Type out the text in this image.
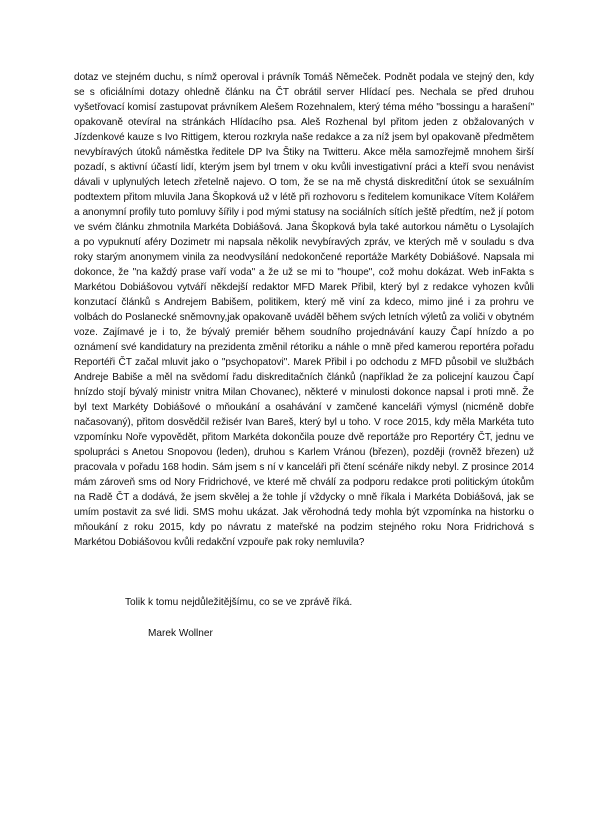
dotaz ve stejném duchu, s nímž operoval i právník Tomáš Němeček. Podnět podala ve stejný den, kdy se s oficiálními dotazy ohledně článku na ČT obrátil server Hlídací pes. Nechala se před druhou vyšetřovací komisí zastupovat právníkem Alešem Rozehnalem, který téma mého "bossingu a harašení" opakovaně otevíral na stránkách Hlídacího psa. Aleš Rozhenal byl přitom jeden z obžalovaných v Jízdenkové kauze s Ivo Rittigem, kterou rozkryla naše redakce a za níž jsem byl opakovaně předmětem nevybíravých útoků náměstka ředitele DP Iva Štiky na Twitteru. Akce měla samozřejmě mnohem širší pozadí, s aktivní účastí lidí, kterým jsem byl trnem v oku kvůli investigativní práci a kteří svou nenávist dávali v uplynulých letech zřetelně najevo. O tom, že se na mě chystá diskreditční útok se sexuálním podtextem přitom mluvila Jana Škopková už v létě při rozhovoru s ředitelem komunikace Vítem Kolářem a anonymní profily tuto pomluvy šířily i pod mými statusy na sociálních sítích ještě předtím, než jí potom ve svém článku zhmotnila Markéta Dobiášová. Jana Škopková byla také autorkou námětu o Lysolajích a po vypuknutí aféry Dozimetr mi napsala několik nevybíravých zpráv, ve kterých mě v souladu s dva roky starým anonymem vinila za neodvysílání nedokončené reportáže Markéty Dobiášové. Napsala mi dokonce, že "na každý prase vaří voda" a že už se mi to "houpe", což mohu dokázat. Web inFakta s Markétou Dobiášovou vytváří někdejší redaktor MFD Marek Přibil, který byl z redakce vyhozen kvůli konzutací článků s Andrejem Babišem, politikem, který mě viní za kdeco, mimo jiné i za prohru ve volbách do Poslanecké sněmovny,jak opakovaně uváděl během svých letních výletů za voliči v obytném voze. Zajímavé je i to, že bývalý premiér během soudního projednávání kauzy Čapí hnízdo a po oznámení své kandidatury na prezidenta změnil rétoriku a náhle o mně před kamerou reportéra pořadu Reportéři ČT začal mluvit jako o "psychopatovi". Marek Přibil i po odchodu z MFD působil ve službách Andreje Babiše a měl na svědomí řadu diskreditačních článků (například že za policejní kauzou Čapí hnízdo stojí bývalý ministr vnitra Milan Chovanec), některé v minulosti dokonce napsal i proti mně. Že byl text Markéty Dobiášové o mňoukání a osahávání v zamčené kanceláři výmysl (nicméně dobře načasovaný), přitom dosvědčil režisér Ivan Bareš, který byl u toho. V roce 2015, kdy měla Markéta tuto vzpomínku Noře vypovědět, přitom Markéta dokončila pouze dvě reportáže pro Reportéry ČT, jednu ve spolupráci s Anetou Snopovou (leden), druhou s Karlem Vránou (březen), později (rovněž březen) už pracovala v pořadu 168 hodin. Sám jsem s ní v kanceláři při čtení scénáře nikdy nebyl. Z prosince 2014 mám zároveň sms od Nory Fridrichové, ve které mě chválí za podporu redakce proti politickým útokům na Radě ČT a dodává, že jsem skvělej a že tohle jí vždycky o mně říkala i Markéta Dobiášová, jak se umím postavit za své lidi. SMS mohu ukázat. Jak věrohodná tedy mohla být vzpomínka na historku o mňoukání z roku 2015, kdy po návratu z mateřské na podzim stejného roku Nora Fridrichová s Markétou Dobiášovou kvůli redakční vzpouře pak roky nemluvila?

Tolik k tomu nejdůležitějšímu, co se ve zprávě říká.

Marek Wollner
